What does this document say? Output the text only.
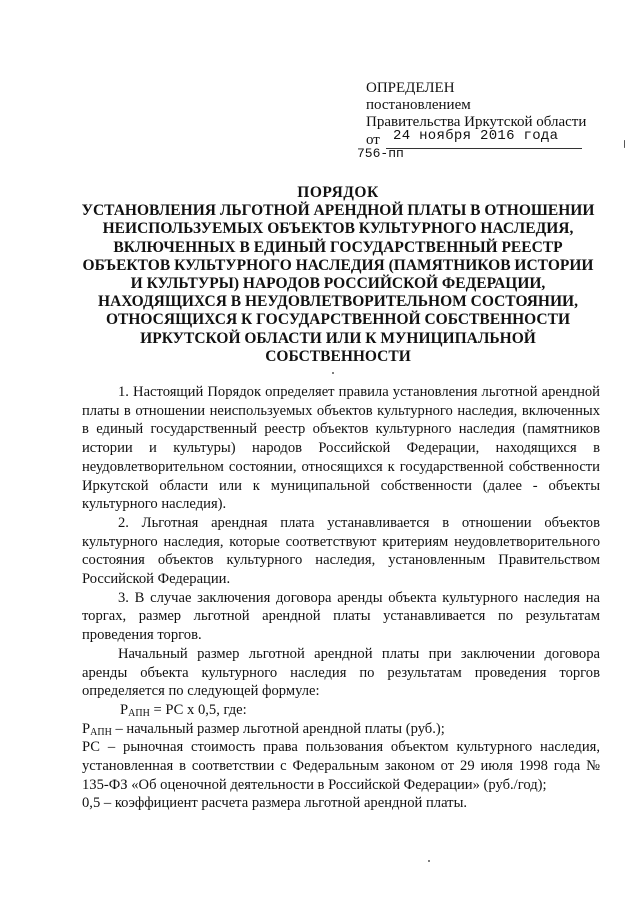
ОПРЕДЕЛЕН
постановлением
Правительства Иркутской области
от 24 ноября 2016 года
756-пп
ПОРЯДОК
УСТАНОВЛЕНИЯ ЛЬГОТНОЙ АРЕНДНОЙ ПЛАТЫ В ОТНОШЕНИИ
НЕИСПОЛЬЗУЕМЫХ ОБЪЕКТОВ КУЛЬТУРНОГО НАСЛЕДИЯ,
ВКЛЮЧЕННЫХ В ЕДИНЫЙ ГОСУДАРСТВЕННЫЙ РЕЕСТР
ОБЪЕКТОВ КУЛЬТУРНОГО НАСЛЕДИЯ (ПАМЯТНИКОВ ИСТОРИИ
И КУЛЬТУРЫ) НАРОДОВ РОССИЙСКОЙ ФЕДЕРАЦИИ,
НАХОДЯЩИХСЯ В НЕУДОВЛЕТВОРИТЕЛЬНОМ СОСТОЯНИИ,
ОТНОСЯЩИХСЯ К ГОСУДАРСТВЕННОЙ СОБСТВЕННОСТИ
ИРКУТСКОЙ ОБЛАСТИ ИЛИ К МУНИЦИПАЛЬНОЙ
СОБСТВЕННОСТИ

1. Настоящий Порядок определяет правила установления льготной арендной платы в отношении неиспользуемых объектов культурного наследия, включенных в единый государственный реестр объектов культурного наследия (памятников истории и культуры) народов Российской Федерации, находящихся в неудовлетворительном состоянии, относящихся к государственной собственности Иркутской области или к муниципальной собственности (далее - объекты культурного наследия).

2. Льготная арендная плата устанавливается в отношении объектов культурного наследия, которые соответствуют критериям неудовлетворительного состояния объектов культурного наследия, установленным Правительством Российской Федерации.

3. В случае заключения договора аренды объекта культурного наследия на торгах, размер льготной арендной платы устанавливается по результатам проведения торгов.

Начальный размер льготной арендной платы при заключении договора аренды объекта культурного наследия по результатам проведения торгов определяется по следующей формуле:

$Р_{АПН}$ = РС х 0,5, где:

$Р_{АПН}$ – начальный размер льготной арендной платы (руб.);

РС – рыночная стоимость права пользования объектом культурного наследия, установленная в соответствии с Федеральным законом от 29 июля 1998 года № 135-ФЗ «Об оценочной деятельности в Российской Федерации» (руб./год);

0,5 – коэффициент расчета размера льготной арендной платы.
